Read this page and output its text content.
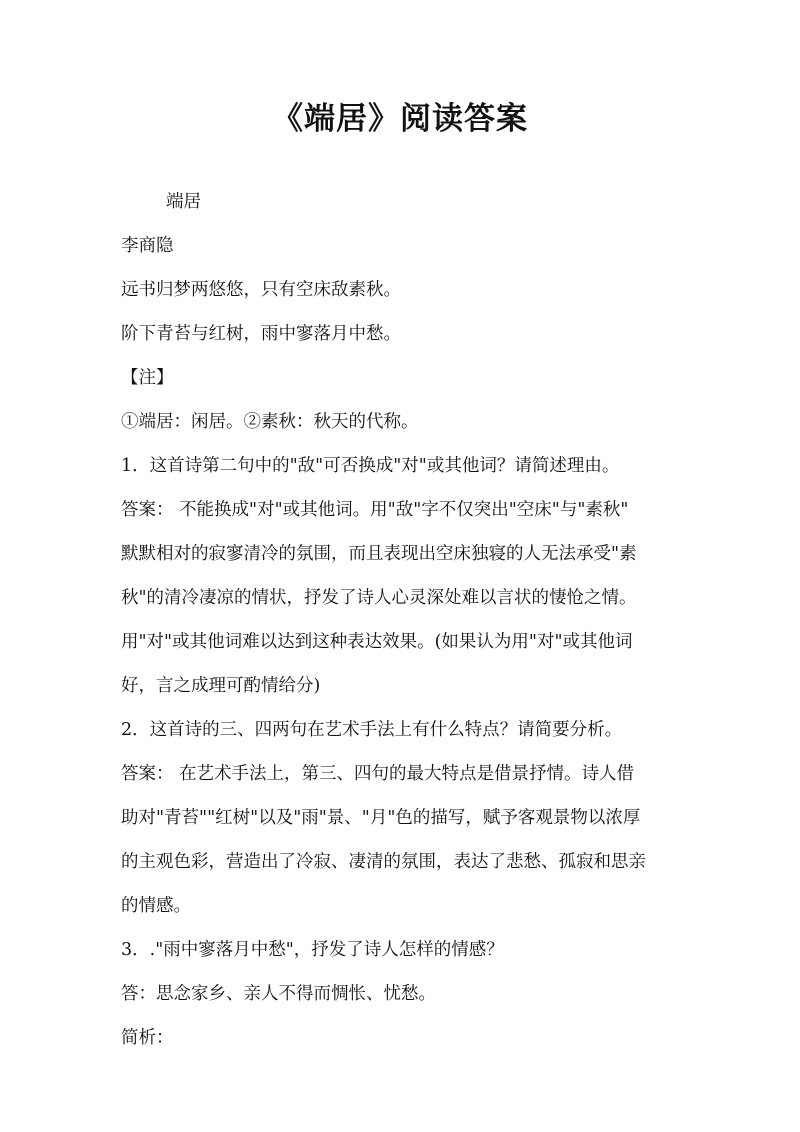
《端居》阅读答案
端居
李商隐
远书归梦两悠悠，只有空床敌素秋。
阶下青苔与红树，雨中寥落月中愁。
【注】
①端居：闲居。②素秋：秋天的代称。
1．这首诗第二句中的"敌"可否换成"对"或其他词？请简述理由。
答案： 不能换成"对"或其他词。用"敌"字不仅突出"空床"与"素秋"
默默相对的寂寥清冷的氛围，而且表现出空床独寝的人无法承受"素
秋"的清冷凄凉的情状，抒发了诗人心灵深处难以言状的悽怆之情。
用"对"或其他词难以达到这种表达效果。(如果认为用"对"或其他词
好，言之成理可酌情给分)
2．这首诗的三、四两句在艺术手法上有什么特点？请简要分析。
答案： 在艺术手法上，第三、四句的最大特点是借景抒情。诗人借
助对"青苔""红树"以及"雨"景、"月"色的描写，赋予客观景物以浓厚
的主观色彩，营造出了冷寂、凄清的氛围，表达了悲愁、孤寂和思亲
的情感。
3．."雨中寥落月中愁"，抒发了诗人怎样的情感？
答：思念家乡、亲人不得而惆怅、忧愁。
简析：
